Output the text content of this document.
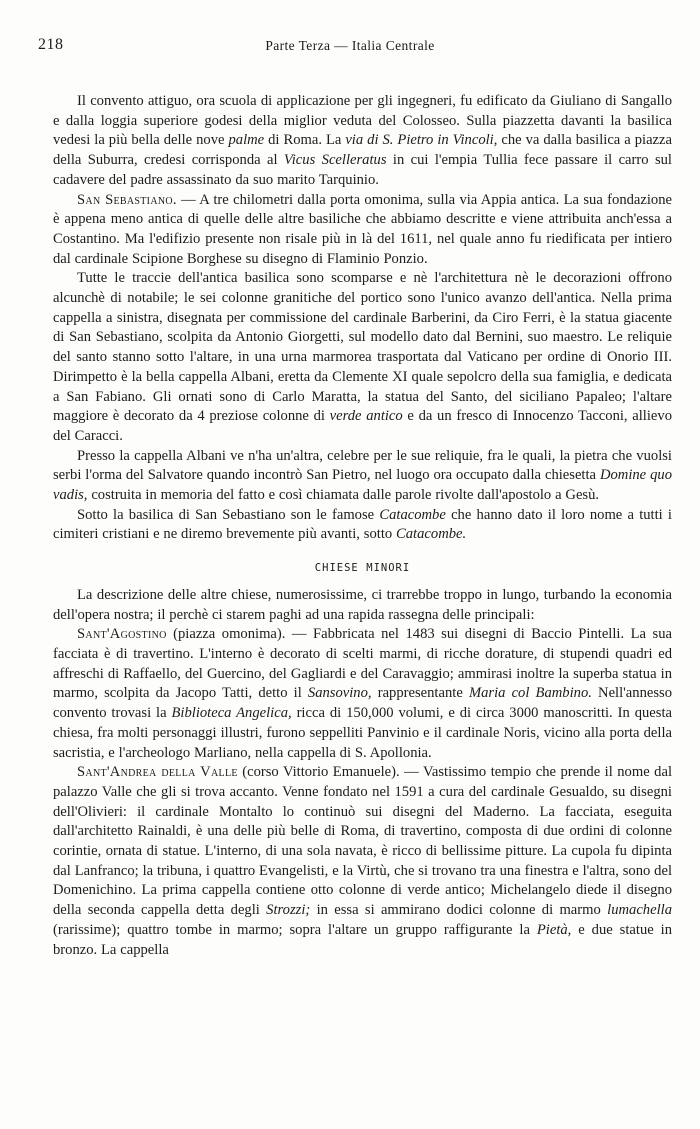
218	Parte Terza — Italia Centrale

Il convento attiguo, ora scuola di applicazione per gli ingegneri, fu edificato da Giuliano di Sangallo e dalla loggia superiore godesi della miglior veduta del Colosseo. Sulla piazzetta davanti la basilica vedesi la più bella delle nove palme di Roma. La via di S. Pietro in Vincoli, che va dalla basilica a piazza della Suburra, credesi corrisponda al Vicus Scelleratus in cui l'empia Tullia fece passare il carro sul cadavere del padre assassinato da suo marito Tarquinio.

San Sebastiano. — A tre chilometri dalla porta omonima, sulla via Appia antica. La sua fondazione è appena meno antica di quelle delle altre basiliche che abbiamo descritte e viene attribuita anch'essa a Costantino. Ma l'edifizio presente non risale più in là del 1611, nel quale anno fu riedificata per intiero dal cardinale Scipione Borghese su disegno di Flaminio Ponzio.

Tutte le traccie dell'antica basilica sono scomparse e nè l'architettura nè le decorazioni offrono alcunchè di notabile; le sei colonne granitiche del portico sono l'unico avanzo dell'antica. Nella prima cappella a sinistra, disegnata per commissione del cardinale Barberini, da Ciro Ferri, è la statua giacente di San Sebastiano, scolpita da Antonio Giorgetti, sul modello dato dal Bernini, suo maestro. Le reliquie del santo stanno sotto l'altare, in una urna marmorea trasportata dal Vaticano per ordine di Onorio III. Dirimpetto è la bella cappella Albani, eretta da Clemente XI quale sepolcro della sua famiglia, e dedicata a San Fabiano. Gli ornati sono di Carlo Maratta, la statua del Santo, del siciliano Papaleo; l'altare maggiore è decorato da 4 preziose colonne di verde antico e da un fresco di Innocenzo Tacconi, allievo del Caracci.

Presso la cappella Albani ve n'ha un'altra, celebre per le sue reliquie, fra le quali, la pietra che vuolsi serbi l'orma del Salvatore quando incontrò San Pietro, nel luogo ora occupato dalla chiesetta Domine quo vadis, costruita in memoria del fatto e così chiamata dalle parole rivolte dall'apostolo a Gesù.

Sotto la basilica di San Sebastiano son le famose Catacombe che hanno dato il loro nome a tutti i cimiteri cristiani e ne diremo brevemente più avanti, sotto Catacombe.

CHIESE MINORI

La descrizione delle altre chiese, numerosissime, ci trarrebbe troppo in lungo, turbando la economia dell'opera nostra; il perchè ci starem paghi ad una rapida rassegna delle principali:

Sant'Agostino (piazza omonima). — Fabbricata nel 1483 sui disegni di Baccio Pintelli. La sua facciata è di travertino. L'interno è decorato di scelti marmi, di ricche dorature, di stupendi quadri ed affreschi di Raffaello, del Guercino, del Gagliardi e del Caravaggio; ammirasi inoltre la superba statua in marmo, scolpita da Jacopo Tatti, detto il Sansovino, rappresentante Maria col Bambino. Nell'annesso convento trovasi la Biblioteca Angelica, ricca di 150,000 volumi, e di circa 3000 manoscritti. In questa chiesa, fra molti personaggi illustri, furono seppelliti Panvinio e il cardinale Noris, vicino alla porta della sacristia, e l'archeologo Marliano, nella cappella di S. Apollonia.

Sant'Andrea della Valle (corso Vittorio Emanuele). — Vastissimo tempio che prende il nome dal palazzo Valle che gli si trova accanto. Venne fondato nel 1591 a cura del cardinale Gesualdo, su disegni dell'Olivieri: il cardinale Montalto lo continuò sui disegni del Maderno. La facciata, eseguita dall'architetto Rainaldi, è una delle più belle di Roma, di travertino, composta di due ordini di colonne corintie, ornata di statue. L'interno, di una sola navata, è ricco di bellissime pitture. La cupola fu dipinta dal Lanfranco; la tribuna, i quattro Evangelisti, e la Virtù, che si trovano tra una finestra e l'altra, sono del Domenichino. La prima cappella contiene otto colonne di verde antico; Michelangelo diede il disegno della seconda cappella detta degli Strozzi; in essa si ammirano dodici colonne di marmo lumachella (rarissime); quattro tombe in marmo; sopra l'altare un gruppo raffigurante la Pietà, e due statue in bronzo. La cappella
